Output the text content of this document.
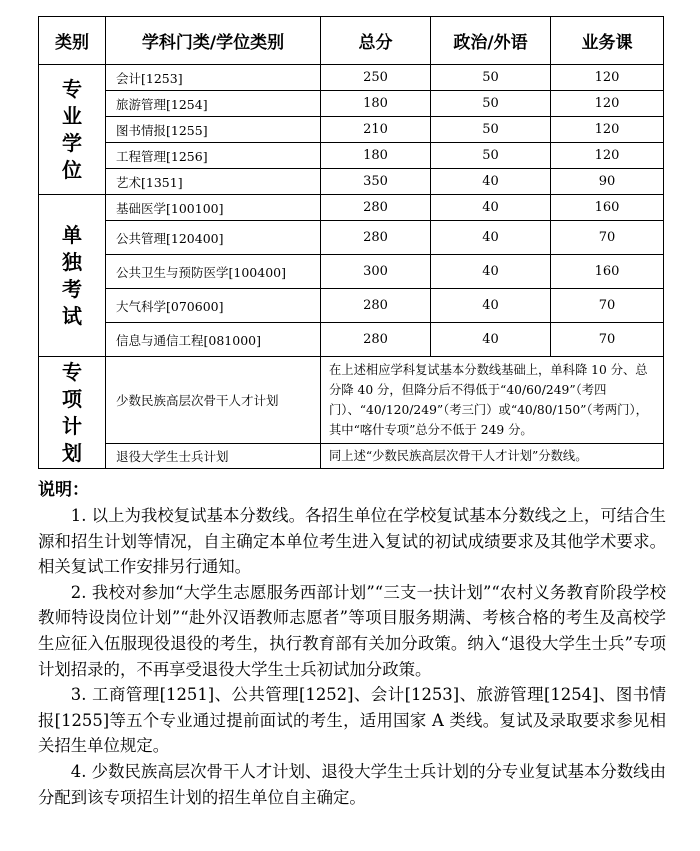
类别	学科门类/学位类别	总分	政治/外语	业务课

专
业
学
位	会计[1253]	250	50	120
	旅游管理[1254]	180	50	120
	图书情报[1255]	210	50	120
	工程管理[1256]	180	50	120
	艺术[1351]	350	40	90

单
独
考
试	基础医学[100100]	280	40	160
	公共管理[120400]	280	40	70
	公共卫生与预防医学[100400]	300	40	160
	大气科学[070600]	280	40	70
	信息与通信工程[081000]	280	40	70

专
项
计
划	少数民族高层次骨干人才计划	在上述相应学科复试基本分数线基础上，单科降 10 分、总分降 40 分，但降分后不得低于“40/60/249”（考四门）、“40/120/249”（考三门）或“40/80/150”（考两门），其中“喀什专项”总分不低于 249 分。		
	退役大学生士兵计划	同上述“少数民族高层次骨干人才计划”分数线。		
说明：

1. 以上为我校复试基本分数线。各招生单位在学校复试基本分数线之上，可结合生源和招生计划等情况，自主确定本单位考生进入复试的初试成绩要求及其他学术要求。相关复试工作安排另行通知。

2. 我校对参加“大学生志愿服务西部计划”“三支一扶计划”“农村义务教育阶段学校教师特设岗位计划”“赴外汉语教师志愿者”等项目服务期满、考核合格的考生及高校学生应征入伍服现役退役的考生，执行教育部有关加分政策。纳入“退役大学生士兵”专项计划招录的，不再享受退役大学生士兵初试加分政策。

3. 工商管理[1251]、公共管理[1252]、会计[1253]、旅游管理[1254]、图书情报[1255]等五个专业通过提前面试的考生，适用国家 A 类线。复试及录取要求参见相关招生单位规定。

4. 少数民族高层次骨干人才计划、退役大学生士兵计划的分专业复试基本分数线由分配到该专项招生计划的招生单位自主确定。
